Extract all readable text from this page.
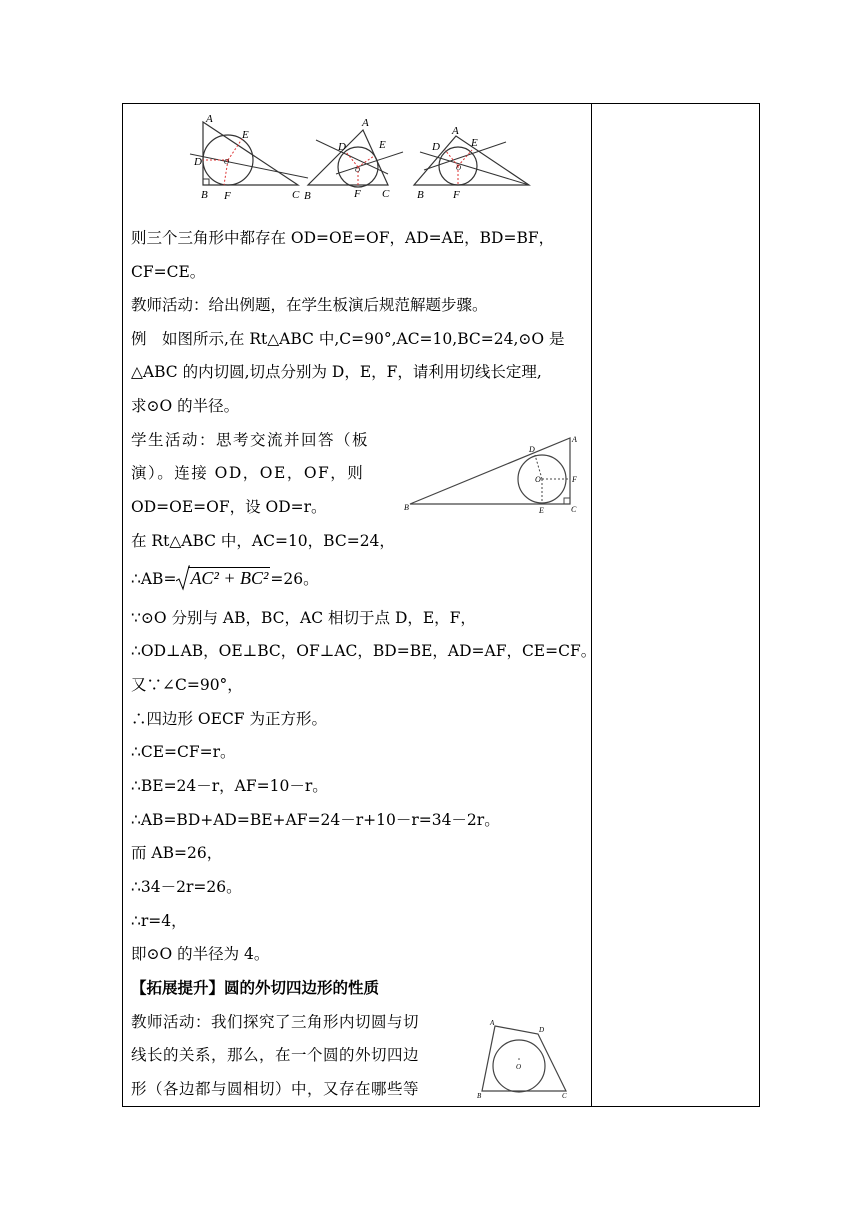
A
E
D	O
B F	C
A
E
D
O
B	F C
A
E
D
O
B	F
则三个三角形中都存在 OD=OE=OF，AD=AE，BD=BF，
CF=CE。
教师活动：给出例题，在学生板演后规范解题步骤。
例　如图所示,在 Rt△ABC 中,C=90°,AC=10,BC=24,⊙O 是
△ABC 的内切圆,切点分别为 D，E，F，请利用切线长定理,
求⊙O 的半径。
学生活动：思考交流并回答（板
演）。连接 OD，OE，OF，则
OD=OE=OF，设 OD=r。
在 Rt△ABC 中，AC=10，BC=24，
A
D
F
O
B	E	C
∴AB= AC² + BC² =26。
∵⊙O 分别与 AB，BC，AC 相切于点 D，E，F，
∴OD⊥AB，OE⊥BC，OF⊥AC，BD=BE，AD=AF，CE=CF。
又∵∠C=90°，
∴四边形 OECF 为正方形。
∴CE=CF=r。
∴BE=24－r，AF=10－r。
∴AB=BD+AD=BE+AF=24－r+10－r=34－2r。
而 AB=26，
∴34－2r=26。
∴r=4，
即⊙O 的半径为 4。
【拓展提升】圆的外切四边形的性质
教师活动：我们探究了三角形内切圆与切
线长的关系，那么，在一个圆的外切四边
形（各边都与圆相切）中，又存在哪些等
A
D
O
B	C
